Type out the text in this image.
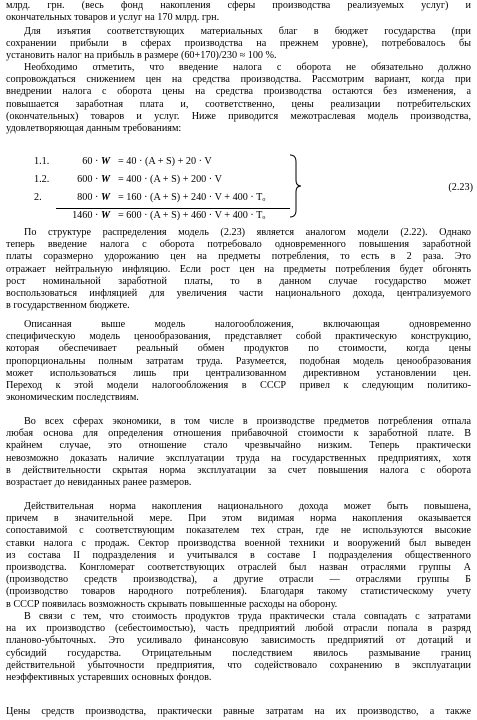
млрд. грн. (весь фонд накопления сферы производства реализуемых услуг) и
окончательных товаров и услуг на 170 млрд. грн.
Для изъятия соответствующих материальных благ в бюджет государства (при
сохранении прибыли в сферах производства на прежнем уровне), потребовалось бы
установить налог на прибыль в размере (60+170)/230 ≈ 100 %.
Необходимо отметить, что введение налога с оборота не обязательно должно
сопровождаться снижением цен на средства производства. Рассмотрим вариант, когда при
внедрении налога с оборота цены на средства производства остаются без изменения, а
повышается заработная плата и, соответственно, цены реализации потребительских
(окончательных) товаров и услуг. Ниже приводится межотраслевая модель производства,
удовлетворяющая данным требованиям:
По структуре распределения модель (2.23) является аналогом модели (2.22). Однако
теперь введение налога с оборота потребовало одновременного повышения заработной
платы соразмерно удорожанию цен на предметы потребления, то есть в 2 раза. Это
отражает нейтральную инфляцию. Если рост цен на предметы потребления будет обгонять
рост номинальной заработной платы, то в данном случае государство может
воспользоваться инфляцией для увеличения части национального дохода, централизуемого
в государственном бюджете.
Описанная выше модель налогообложения, включающая одновременно
специфическую модель ценообразования, представляет собой практическую конструкцию,
которая обеспечивает реальный обмен продуктов по стоимости, когда цены
пропорциональны полным затратам труда. Разумеется, подобная модель ценообразования
может использоваться лишь при централизованном директивном установлении цен.
Переход к этой модели налогообложения в СССР привел к следующим политико-
экономическим последствиям.
Во всех сферах экономики, в том числе в производстве предметов потребления отпала
любая основа для определения отношения прибавочной стоимости к заработной плате. В
крайнем случае, это отношение стало чрезвычайно низким. Теперь практически
невозможно доказать наличие эксплуатации труда на государственных предприятиях, хотя
в действительности скрытая норма эксплуатации за счет повышения налога с оборота
возрастает до невиданных ранее размеров.
Действительная норма накопления национального дохода может быть повышена,
причем в значительной мере. При этом видимая норма накопления оказывается
сопоставимой с соответствующим показателем тех стран, где не используются высокие
ставки налога с продаж. Сектор производства военной техники и вооружений был выведен
из состава II подразделения и учитывался в составе I подразделения общественного
производства. Конгломерат соответствующих отраслей был назван отраслями группы А
(производство средств производства), а другие отрасли — отраслями группы Б
(производство товаров народного потребления). Благодаря такому статистическому учету
в СССР появилась возможность скрывать повышенные расходы на оборону.
В связи с тем, что стоимость продуктов труда практически стала совпадать с затратами
на их производство (себестоимостью), часть предприятий любой отрасли попала в разряд
планово-убыточных. Это усиливало финансовую зависимость предприятий от дотаций и
субсидий государства. Отрицательным последствием явилось размывание границ
действительной убыточности предприятия, что содействовало сохранению в эксплуатации
неэффективных устаревших основных фондов.
Цены средств производства, практически равные затратам на их производство, а также
(2.23)
1.1.	60 · W = 40 · (A + S) + 20 · V
1.2.	600 · W = 400 · (A + S) + 200 · V
2.	800 · W = 160 · (A + S) + 240 · V + 400 · Tₒ
1460 · W = 600 · (A + S) + 460 · V + 400 · Tₒ
